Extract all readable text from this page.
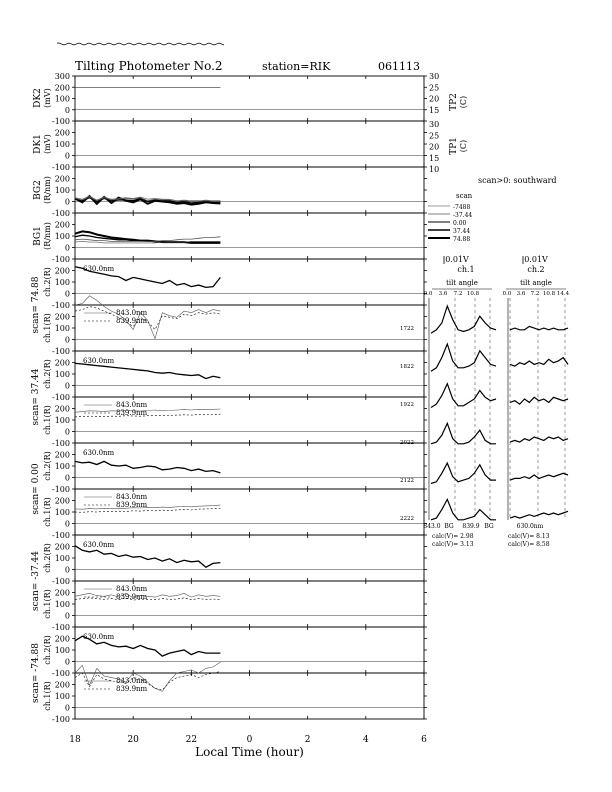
Tilting Photometer No.2	station=RIK	061113
300
200
100
0
-100
200
100
0
-100
200
100
0
-100
200
100
0
-100
200
100
0
-100
200
100
0
-100
200
100
0
-100
200
100
0
-100
200
100
0
-100
200
100
0
-100
200
100
0
-100
200
100
0
-100
200
100
0
-100
200
100
0
-100
30
25
20
15
30
25
20
15
10
TP2 (C)
TP1 (C)
18	20	22	0	2	4	6
Local Time (hour)
DK2 (mV)
DK1 (mV)
BG2 (R/nm)
BG1 (R/nm)
scan= 74.88 ch.2(R)
ch.1(R)
630.0nm
843.0nm
839.9nm
scan= 37.44 ch.2(R)
ch.1(R)
630.0nm
843.0nm
839.9nm
scan= 0.00 ch.2(R)
ch.1(R)
630.0nm
843.0nm
839.9nm
scan= -37.44 ch.2(R)
ch.1(R)
630.0nm
843.0nm
839.9nm
scan= -74.88 ch.2(R)
ch.1(R)
630.0nm
843.0nm
839.9nm
scan>0: southward
scan
-7488
-37.44
0.00
37.44
74.88
0.01V
ch.1
0.01V
ch.2
tilt angle	tilt angle
0.0 3.6 7.2 10.8	0.0 3.6 7.2 10.8 14.4
1722
1822
1922
2022
2122
2222
843.0 BG 839.9 BG	630.0nm
calc(V)= 2.98
calc(V)= 3.13
calc(V)= 8.13
calc(V)= 8.58
